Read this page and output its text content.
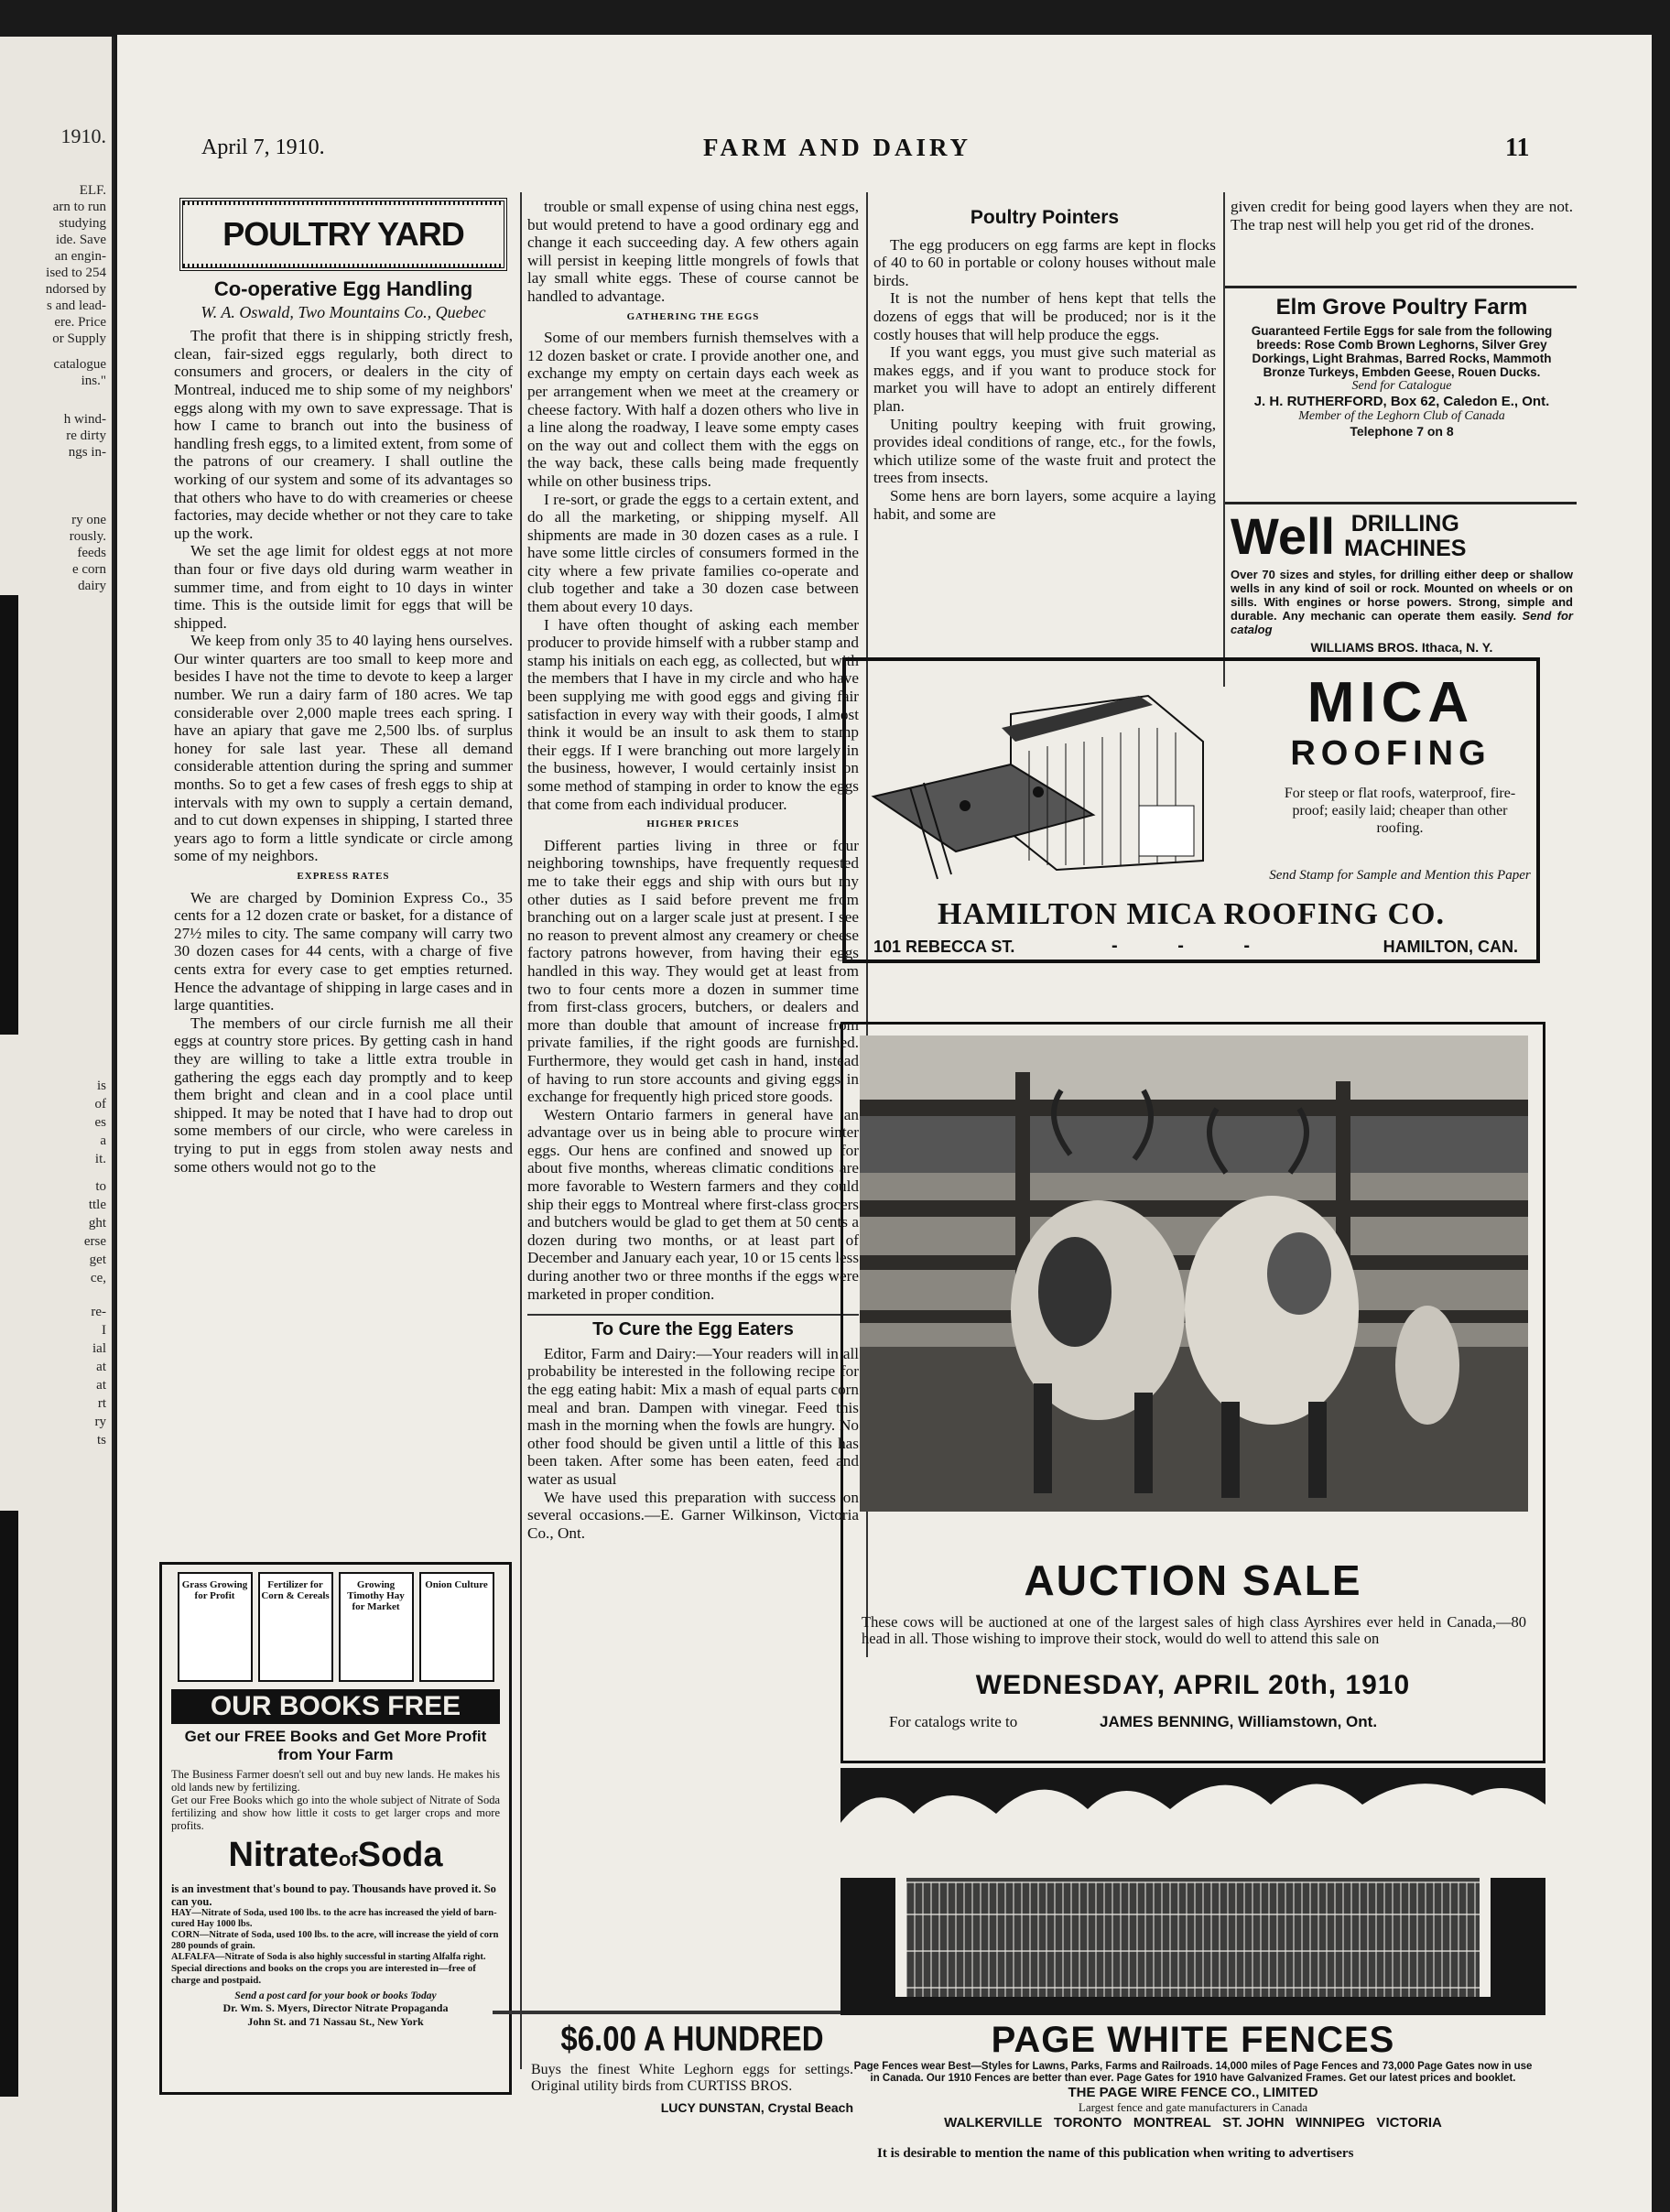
1910.
ELF.
arn to run
studying
ide. Save
an engin-
ised to 254
ndorsed by
s and lead-
ere. Price
or Supply
catalogue
ins."
h wind-
re dirty
ngs in-
ry one
rously.
feeds
e corn
dairy
is
of
es
a
it.
to
ttle
ght
erse
get
ce,
re-
I
ial
at
at
rt
ry
ts
April 7, 1910.	FARM AND DAIRY	11
POULTRY YARD
Co-operative Egg Handling
W. A. Oswald, Two Mountains Co., Quebec

The profit that there is in shipping strictly fresh, clean, fair-sized eggs regularly, both direct to consumers and grocers, or dealers in the city of Montreal, induced me to ship some of my neighbors' eggs along with my own to save expressage. That is how I came to branch out into the business of handling fresh eggs, to a limited extent, from some of the patrons of our creamery. I shall outline the working of our system and some of its advantages so that others who have to do with creameries or cheese factories, may decide whether or not they care to take up the work.

We set the age limit for oldest eggs at not more than four or five days old during warm weather in summer time, and from eight to 10 days in winter time. This is the outside limit for eggs that will be shipped.

We keep from only 35 to 40 laying hens ourselves. Our winter quarters are too small to keep more and besides I have not the time to devote to keep a larger number. We run a dairy farm of 180 acres. We tap considerable over 2,000 maple trees each spring. I have an apiary that gave me 2,500 lbs. of surplus honey for sale last year. These all demand considerable attention during the spring and summer months. So to get a few cases of fresh eggs to ship at intervals with my own to supply a certain demand, and to cut down expenses in shipping, I started three years ago to form a little syndicate or circle among some of my neighbors.

EXPRESS RATES

We are charged by Dominion Express Co., 35 cents for a 12 dozen crate or basket, for a distance of 27½ miles to city. The same company will carry two 30 dozen cases for 44 cents, with a charge of five cents extra for every case to get empties returned. Hence the advantage of shipping in large cases and in large quantities.

The members of our circle furnish me all their eggs at country store prices. By getting cash in hand they are willing to take a little extra trouble in gathering the eggs each day promptly and to keep them bright and clean and in a cool place until shipped. It may be noted that I have had to drop out some members of our circle, who were careless in trying to put in eggs from stolen away nests and some others would not go to the

Grass Growing for Profit
Fertilizer for Corn & Cereals
Growing Timothy Hay for Market
Onion Culture
OUR BOOKS FREE
Get our FREE Books and Get More Profit from Your Farm
The Business Farmer doesn't sell out and buy new lands. He makes his old lands new by fertilizing.
Get our Free Books which go into the whole subject of Nitrate of Soda fertilizing and show how little it costs to get larger crops and more profits.
NitrateofSoda
is an investment that's bound to pay. Thousands have proved it. So can you.
HAY—Nitrate of Soda, used 100 lbs. to the acre has increased the yield of barn-cured Hay 1000 lbs.
CORN—Nitrate of Soda, used 100 lbs. to the acre, will increase the yield of corn 280 pounds of grain.
ALFALFA—Nitrate of Soda is also highly successful in starting Alfalfa right.
Special directions and books on the crops you are interested in—free of charge and postpaid.
Send a post card for your book or books Today
Dr. Wm. S. Myers, Director Nitrate Propaganda
John St. and 71 Nassau St., New York

trouble or small expense of using china nest eggs, but would pretend to have a good ordinary egg and change it each succeeding day. A few others again will persist in keeping little mongrels of fowls that lay small white eggs. These of course cannot be handled to advantage.

GATHERING THE EGGS

Some of our members furnish themselves with a 12 dozen basket or crate. I provide another one, and exchange my empty on certain days each week as per arrangement when we meet at the creamery or cheese factory. With half a dozen others who live in a line along the roadway, I leave some empty cases on the way out and collect them with the eggs on the way back, these calls being made frequently while on other business trips.

I re-sort, or grade the eggs to a certain extent, and do all the marketing, or shipping myself. All shipments are made in 30 dozen cases as a rule. I have some little circles of consumers formed in the city where a few private families co-operate and club together and take a 30 dozen case between them about every 10 days.

I have often thought of asking each member producer to provide himself with a rubber stamp and stamp his initials on each egg, as collected, but with the members that I have in my circle and who have been supplying me with good eggs and giving fair satisfaction in every way with their goods, I almost think it would be an insult to ask them to stamp their eggs. If I were branching out more largely in the business, however, I would certainly insist on some method of stamping in order to know the eggs that come from each individual producer.

HIGHER PRICES

Different parties living in three or four neighboring townships, have frequently requested me to take their eggs and ship with ours but my other duties as I said before prevent me from branching out on a larger scale just at present. I see no reason to prevent almost any creamery or cheese factory patrons however, from having their eggs handled in this way. They would get at least from two to four cents more a dozen in summer time from first-class grocers, butchers, or dealers and more than double that amount of increase from private families, if the right goods are furnished. Furthermore, they would get cash in hand, instead of having to run store accounts and giving eggs in exchange for frequently high priced store goods.

Western Ontario farmers in general have an advantage over us in being able to procure winter eggs. Our hens are confined and snowed up for about five months, whereas climatic conditions are more favorable to Western farmers and they could ship their eggs to Montreal where first-class grocers and butchers would be glad to get them at 50 cents a dozen during two months, or at least part of December and January each year, 10 or 15 cents less during another two or three months if the eggs were marketed in proper condition.

To Cure the Egg Eaters

Editor, Farm and Dairy:—Your readers will in all probability be interested in the following recipe for the egg eating habit: Mix a mash of equal parts corn meal and bran. Dampen with vinegar. Feed this mash in the morning when the fowls are hungry. No other food should be given until a little of this has been taken. After some has been eaten, feed and water as usual

We have used this preparation with success on several occasions.—E. Garner Wilkinson, Victoria Co., Ont.

$6.00 A HUNDRED
Buys the finest White Leghorn eggs for settings. Original utility birds from CURTISS BROS.
LUCY DUNSTAN, Crystal Beach
Poultry Pointers

The egg producers on egg farms are kept in flocks of 40 to 60 in portable or colony houses without male birds.

It is not the number of hens kept that tells the dozens of eggs that will be produced; nor is it the costly houses that will help produce the eggs.

If you want eggs, you must give such material as makes eggs, and if you want to produce stock for market you will have to adopt an entirely different plan.

Uniting poultry keeping with fruit growing, provides ideal conditions of range, etc., for the fowls, which utilize some of the waste fruit and protect the trees from insects.

Some hens are born layers, some acquire a laying habit, and some are

given credit for being good layers when they are not. The trap nest will help you get rid of the drones.
Elm Grove Poultry Farm
Guaranteed Fertile Eggs for sale from the following breeds: Rose Comb Brown Leghorns, Silver Grey Dorkings, Light Brahmas, Barred Rocks, Mammoth Bronze Turkeys, Embden Geese, Rouen Ducks.
Send for Catalogue
J. H. RUTHERFORD, Box 62, Caledon E., Ont.
Member of the Leghorn Club of Canada
Telephone 7 on 8
Well DRILLING
MACHINES
Over 70 sizes and styles, for drilling either deep or shallow wells in any kind of soil or rock. Mounted on wheels or on sills. With engines or horse powers. Strong, simple and durable. Any mechanic can operate them easily. Send for catalog
WILLIAMS BROS. Ithaca, N. Y.
MICA
ROOFING
For steep or flat roofs, waterproof, fire-proof; easily laid; cheaper than other roofing.
Send Stamp for Sample and Mention this Paper
HAMILTON MICA ROOFING CO.
101 REBECCA ST.	- - -	HAMILTON, CAN.
AUCTION SALE
These cows will be auctioned at one of the largest sales of high class Ayrshires ever held in Canada,—80 head in all. Those wishing to improve their stock, would do well to attend this sale on
WEDNESDAY, APRIL 20th, 1910
For catalogs write to	JAMES BENNING, Williamstown, Ont.
PAGE WHITE FENCES
Page Fences wear Best—Styles for Lawns, Parks, Farms and Railroads. 14,000 miles of Page Fences and 73,000 Page Gates now in use in Canada. Our 1910 Fences are better than ever. Page Gates for 1910 have Galvanized Frames. Get our latest prices and booklet.
THE PAGE WIRE FENCE CO., LIMITED
Largest fence and gate manufacturers in Canada
WALKERVILLE   TORONTO   MONTREAL   ST. JOHN   WINNIPEG   VICTORIA
It is desirable to mention the name of this publication when writing to advertisers
